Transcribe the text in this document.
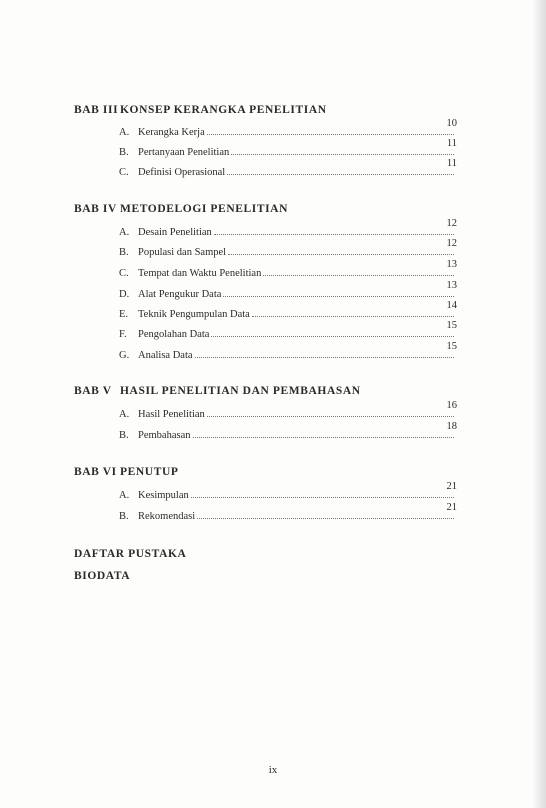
BAB III KONSEP KERANGKA PENELITIAN
A. Kerangka Kerja
10
B. Pertanyaan Penelitian
11
C. Definisi Operasional
11
BAB IV METODELOGI PENELITIAN
A. Desain Penelitian
12
B. Populasi dan Sampel
12
C. Tempat dan Waktu Penelitian
13
D. Alat Pengukur Data
13
E. Teknik Pengumpulan Data
14
F.	Pengolahan Data
15
G. Analisa Data
15
BAB V HASIL PENELITIAN DAN PEMBAHASAN
A. Hasil Penelitian
16
B. Pembahasan
18
BAB VI PENUTUP
A. Kesimpulan
21
B. Rekomendasi
21
DAFTAR PUSTAKA
BIODATA
ix
